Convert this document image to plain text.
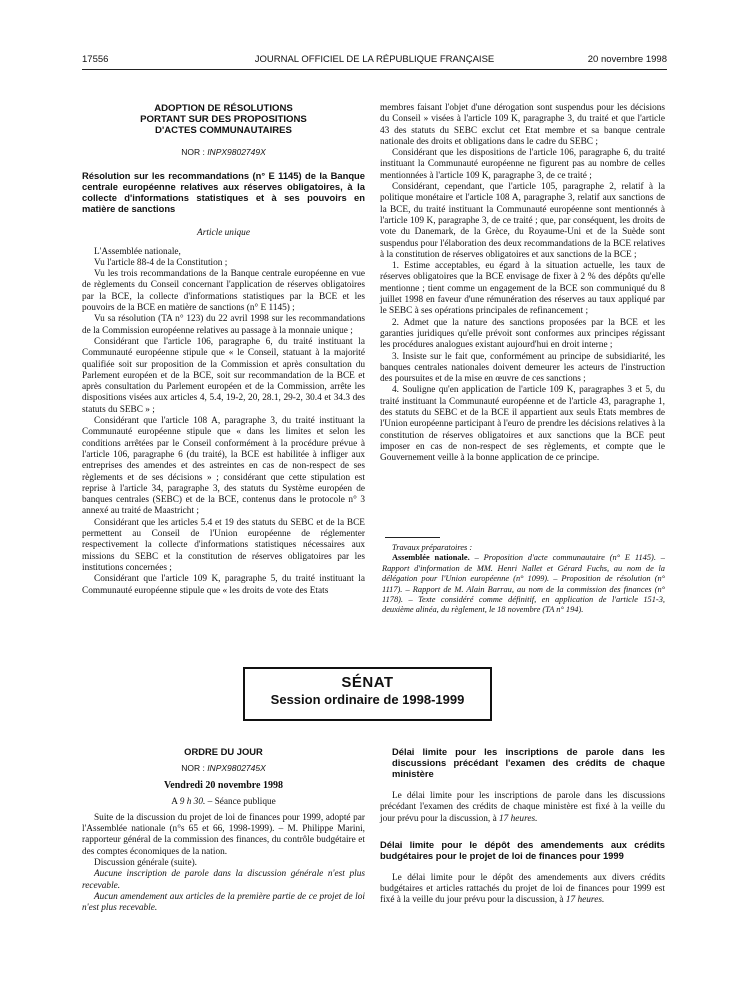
17556	JOURNAL OFFICIEL DE LA RÉPUBLIQUE FRANÇAISE	20 novembre 1998

ADOPTION DE RÉSOLUTIONS

PORTANT SUR DES PROPOSITIONS

D'ACTES COMMUNAUTAIRES

NOR : INPX9802749X

Résolution sur les recommandations (n° E 1145) de la Banque centrale européenne relatives aux réserves obligatoires, à la collecte d'informations statistiques et à ses pouvoirs en matière de sanctions

Article unique

L'Assemblée nationale,

Vu l'article 88-4 de la Constitution ;

Vu les trois recommandations de la Banque centrale européenne en vue de règlements du Conseil concernant l'application de réserves obligatoires par la BCE, la collecte d'informations statistiques par la BCE et les pouvoirs de la BCE en matière de sanctions (n° E 1145) ;

Vu sa résolution (TA n° 123) du 22 avril 1998 sur les recommandations de la Commission européenne relatives au passage à la monnaie unique ;

Considérant que l'article 106, paragraphe 6, du traité instituant la Communauté européenne stipule que « le Conseil, statuant à la majorité qualifiée soit sur proposition de la Commission et après consultation du Parlement européen et de la BCE, soit sur recommandation de la BCE et après consultation du Parlement européen et de la Commission, arrête les dispositions visées aux articles 4, 5.4, 19-2, 20, 28.1, 29-2, 30.4 et 34.3 des statuts du SEBC » ;

Considérant que l'article 108 A, paragraphe 3, du traité instituant la Communauté européenne stipule que « dans les limites et selon les conditions arrêtées par le Conseil conformément à la procédure prévue à l'article 106, paragraphe 6 (du traité), la BCE est habilitée à infliger aux entreprises des amendes et des astreintes en cas de non-respect de ses règlements et de ses décisions » ; considérant que cette stipulation est reprise à l'article 34, paragraphe 3, des statuts du Système européen de banques centrales (SEBC) et de la BCE, contenus dans le protocole n° 3 annexé au traité de Maastricht ;

Considérant que les articles 5.4 et 19 des statuts du SEBC et de la BCE permettent au Conseil de l'Union européenne de réglementer respectivement la collecte d'informations statistiques nécessaires aux missions du SEBC et la constitution de réserves obligatoires par les institutions concernées ;

Considérant que l'article 109 K, paragraphe 5, du traité instituant la Communauté européenne stipule que « les droits de vote des Etats

membres faisant l'objet d'une dérogation sont suspendus pour les décisions du Conseil » visées à l'article 109 K, paragraphe 3, du traité et que l'article 43 des statuts du SEBC exclut cet Etat membre et sa banque centrale nationale des droits et obligations dans le cadre du SEBC ;

Considérant que les dispositions de l'article 106, paragraphe 6, du traité instituant la Communauté européenne ne figurent pas au nombre de celles mentionnées à l'article 109 K, paragraphe 3, de ce traité ;

Considérant, cependant, que l'article 105, paragraphe 2, relatif à la politique monétaire et l'article 108 A, paragraphe 3, relatif aux sanctions de la BCE, du traité instituant la Communauté européenne sont mentionnés à l'article 109 K, paragraphe 3, de ce traité ; que, par conséquent, les droits de vote du Danemark, de la Grèce, du Royaume-Uni et de la Suède sont suspendus pour l'élaboration des deux recommandations de la BCE relatives à la constitution de réserves obligatoires et aux sanctions de la BCE ;

1. Estime acceptables, eu égard à la situation actuelle, les taux de réserves obligatoires que la BCE envisage de fixer à 2 % des dépôts qu'elle mentionne ; tient comme un engagement de la BCE son communiqué du 8 juillet 1998 en faveur d'une rémunération des réserves au taux appliqué par le SEBC à ses opérations principales de refinancement ;

2. Admet que la nature des sanctions proposées par la BCE et les garanties juridiques qu'elle prévoit sont conformes aux principes régissant les procédures analogues existant aujourd'hui en droit interne ;

3. Insiste sur le fait que, conformément au principe de subsidiarité, les banques centrales nationales doivent demeurer les acteurs de l'instruction des poursuites et de la mise en œuvre de ces sanctions ;

4. Souligne qu'en application de l'article 109 K, paragraphes 3 et 5, du traité instituant la Communauté européenne et de l'article 43, paragraphe 1, des statuts du SEBC et de la BCE il appartient aux seuls Etats membres de l'Union européenne participant à l'euro de prendre les décisions relatives à la constitution de réserves obligatoires et aux sanctions que la BCE peut imposer en cas de non-respect de ses règlements, et compte que le Gouvernement veille à la bonne application de ce principe.

Travaux préparatoires :

Assemblée nationale. – Proposition d'acte communautaire (n° E 1145). – Rapport d'information de MM. Henri Nallet et Gérard Fuchs, au nom de la délégation pour l'Union européenne (n° 1099). – Proposition de résolution (n° 1117). – Rapport de M. Alain Barrau, au nom de la commission des finances (n° 1178). – Texte considéré comme définitif, en application de l'article 151-3, deuxième alinéa, du règlement, le 18 novembre (TA n° 194).

SÉNAT
Session ordinaire de 1998-1999

ORDRE DU JOUR

NOR : INPX9802745X

Vendredi 20 novembre 1998

A 9 h 30. – Séance publique

Suite de la discussion du projet de loi de finances pour 1999, adopté par l'Assemblée nationale (n°s 65 et 66, 1998-1999). – M. Philippe Marini, rapporteur général de la commission des finances, du contrôle budgétaire et des comptes économiques de la nation.

Discussion générale (suite).

Aucune inscription de parole dans la discussion générale n'est plus recevable.

Aucun amendement aux articles de la première partie de ce projet de loi n'est plus recevable.

Délai limite pour les inscriptions de parole dans les discussions précédant l'examen des crédits de chaque ministère

Le délai limite pour les inscriptions de parole dans les discussions précédant l'examen des crédits de chaque ministère est fixé à la veille du jour prévu pour la discussion, à 17 heures.

Délai limite pour le dépôt des amendements aux crédits budgétaires pour le projet de loi de finances pour 1999

Le délai limite pour le dépôt des amendements aux divers crédits budgétaires et articles rattachés du projet de loi de finances pour 1999 est fixé à la veille du jour prévu pour la discussion, à 17 heures.
